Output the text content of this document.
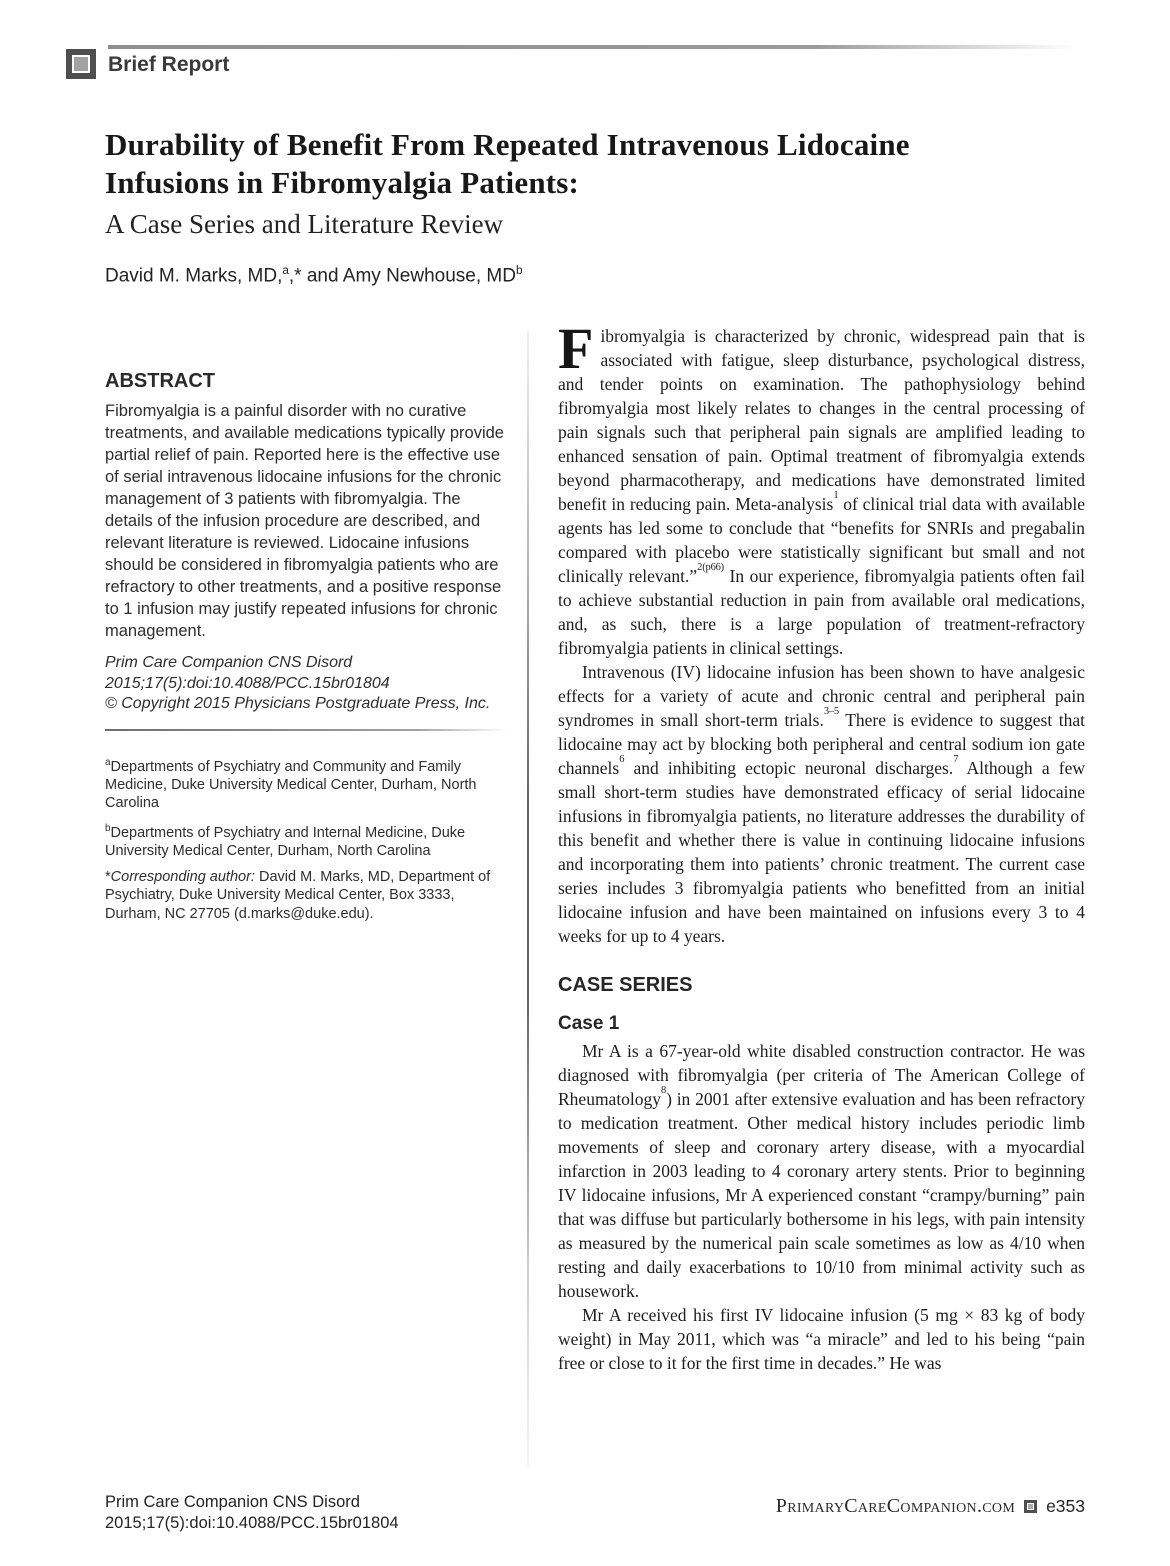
Brief Report
Durability of Benefit From Repeated Intravenous Lidocaine
Infusions in Fibromyalgia Patients:
A Case Series and Literature Review
David M. Marks, MD,$^a$,* and Amy Newhouse, $MD^b$
ABSTRACT

Fibromyalgia is a painful disorder with no curative treatments, and available medications typically provide partial relief of pain. Reported here is the effective use of serial intravenous lidocaine infusions for the chronic management of 3 patients with fibromyalgia. The details of the infusion procedure are described, and relevant literature is reviewed. Lidocaine infusions should be considered in fibromyalgia patients who are refractory to other treatments, and a positive response to 1 infusion may justify repeated infusions for chronic management.

Prim Care Companion CNS Disord
2015;17(5):doi:10.4088/PCC.15br01804
© Copyright 2015 Physicians Postgraduate Press, Inc.

$^a$Departments of Psychiatry and Community and Family Medicine, Duke University Medical Center, Durham, North Carolina

$^b$Departments of Psychiatry and Internal Medicine, Duke University Medical Center, Durham, North Carolina

*Corresponding author: David M. Marks, MD, Department of Psychiatry, Duke University Medical Center, Box 3333, Durham, NC 27705 (d.marks@duke.edu).

Fibromyalgia is characterized by chronic, widespread pain that is associated with fatigue, sleep disturbance, psychological distress, and tender points on examination. The pathophysiology behind fibromyalgia most likely relates to changes in the central processing of pain signals such that peripheral pain signals are amplified leading to enhanced sensation of pain. Optimal treatment of fibromyalgia extends beyond pharmacotherapy, and medications have demonstrated limited benefit in reducing pain. Meta-analysis$^1$ of clinical trial data with available agents has led some to conclude that “benefits for SNRIs and pregabalin compared with placebo were statistically significant but small and not clinically relevant.”$^{2(p66)}$ In our experience, fibromyalgia patients often fail to achieve substantial reduction in pain from available oral medications, and, as such, there is a large population of treatment-refractory fibromyalgia patients in clinical settings.

Intravenous (IV) lidocaine infusion has been shown to have analgesic effects for a variety of acute and chronic central and peripheral pain syndromes in small short-term trials.$^{3-5}$ There is evidence to suggest that lidocaine may act by blocking both peripheral and central sodium ion gate channels$^6$ and inhibiting ectopic neuronal discharges.$^7$ Although a few small short-term studies have demonstrated efficacy of serial lidocaine infusions in fibromyalgia patients, no literature addresses the durability of this benefit and whether there is value in continuing lidocaine infusions and incorporating them into patients’ chronic treatment. The current case series includes 3 fibromyalgia patients who benefitted from an initial lidocaine infusion and have been maintained on infusions every 3 to 4 weeks for up to 4 years.

CASE SERIES
Case 1

Mr A is a 67-year-old white disabled construction contractor. He was diagnosed with fibromyalgia (per criteria of The American College of Rheumatology$^8$) in 2001 after extensive evaluation and has been refractory to medication treatment. Other medical history includes periodic limb movements of sleep and coronary artery disease, with a myocardial infarction in 2003 leading to 4 coronary artery stents. Prior to beginning IV lidocaine infusions, Mr A experienced constant “crampy/burning” pain that was diffuse but particularly bothersome in his legs, with pain intensity as measured by the numerical pain scale sometimes as low as 4/10 when resting and daily exacerbations to 10/10 from minimal activity such as housework.

Mr A received his first IV lidocaine infusion (5 mg × 83 kg of body weight) in May 2011, which was “a miracle” and led to his being “pain free or close to it for the first time in decades.” He was

Prim Care Companion CNS Disord
2015;17(5):doi:10.4088/PCC.15br01804
PrimaryCareCompanion.com e353
